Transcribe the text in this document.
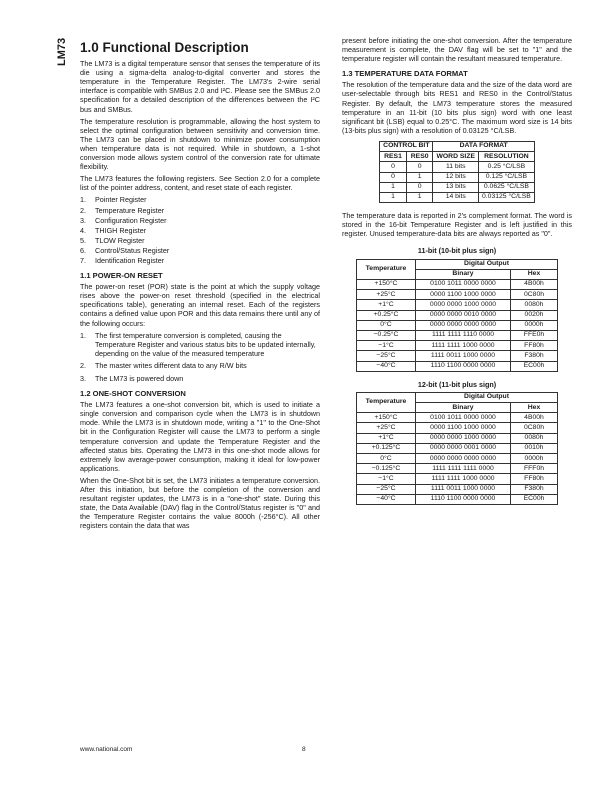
LM73 1.0 Functional Description

The LM73 is a digital temperature sensor that senses the temperature of its die using a sigma-delta analog-to-digital converter and stores the temperature in the Temperature Register. The LM73's 2-wire serial interface is compatible with SMBus 2.0 and I²C. Please see the SMBus 2.0 specification for a detailed description of the differences between the I²C bus and SMBus.

The temperature resolution is programmable, allowing the host system to select the optimal configuration between sensitivity and conversion time. The LM73 can be placed in shutdown to minimize power consumption when temperature data is not required. While in shutdown, a 1-shot conversion mode allows system control of the conversion rate for ultimate flexibility.

The LM73 features the following registers. See Section 2.0 for a complete list of the pointer address, content, and reset state of each register.

1.	Pointer Register
2.	Temperature Register
3.	Configuration Register
4.	THIGH Register
5.	TLOW Register
6.	Control/Status Register
7.	Identification Register
1.1 POWER-ON RESET

The power-on reset (POR) state is the point at which the supply voltage rises above the power-on reset threshold (specified in the electrical specifications table), generating an internal reset. Each of the registers contains a defined value upon POR and this data remains there until any of the following occurs:

1.	The first temperature conversion is completed, causing the Temperature Register and various status bits to be updated internally, depending on the value of the measured temperature
2.	The master writes different data to any R/W bits
3.	The LM73 is powered down
1.2 ONE-SHOT CONVERSION

The LM73 features a one-shot conversion bit, which is used to initiate a single conversion and comparison cycle when the LM73 is in shutdown mode. While the LM73 is in shutdown mode, writing a "1" to the One-Shot bit in the Configuration Register will cause the LM73 to perform a single temperature conversion and update the Temperature Register and the affected status bits. Operating the LM73 in this one-shot mode allows for extremely low average-power consumption, making it ideal for low-power applications.

When the One-Shot bit is set, the LM73 initiates a temperature conversion. After this initiation, but before the completion of the conversion and resultant register updates, the LM73 is in a "one-shot" state. During this state, the Data Available (DAV) flag in the Control/Status register is "0" and the Temperature Register contains the value 8000h (-256°C). All other registers contain the data that was

present before initiating the one-shot conversion. After the temperature measurement is complete, the DAV flag will be set to "1" and the temperature register will contain the resultant measured temperature.

1.3 TEMPERATURE DATA FORMAT

The resolution of the temperature data and the size of the data word are user-selectable through bits RES1 and RES0 in the Control/Status Register. By default, the LM73 temperature stores the measured temperature in an 11-bit (10 bits plus sign) word with one least significant bit (LSB) equal to 0.25°C. The maximum word size is 14 bits (13-bits plus sign) with a resolution of 0.03125 °C/LSB.

CONTROL BIT		DATA FORMAT	
RES1	RES0	WORD SIZE	RESOLUTION
0	0	11 bits	0.25 °C/LSB
0	1	12 bits	0.125 °C/LSB
1	0	13 bits	0.0625 °C/LSB
1	1	14 bits	0.03125 °C/LSB

The temperature data is reported in 2's complement format. The word is stored in the 16-bit Temperature Register and is left justified in this register. Unused temperature-data bits are always reported as "0".

11-bit (10-bit plus sign)
Temperature	Digital Output	
	Binary	Hex
+150°C	0100 1011 0000 0000	4B00h
+25°C	0000 1100 1000 0000	0C80h
+1°C	0000 0000 1000 0000	0080h
+0.25°C	0000 0000 0010 0000	0020h
0°C	0000 0000 0000 0000	0000h
−0.25°C	1111 1111 1110 0000	FFE0h
−1°C	1111 1111 1000 0000	FF80h
−25°C	1111 0011 1000 0000	F380h
−40°C	1110 1100 0000 0000	EC00h
12-bit (11-bit plus sign)
Temperature	Digital Output	
	Binary	Hex
+150°C	0100 1011 0000 0000	4B00h
+25°C	0000 1100 1000 0000	0C80h
+1°C	0000 0000 1000 0000	0080h
+0.125°C	0000 0000 0001 0000	0010h
0°C	0000 0000 0000 0000	0000h
−0.125°C	1111 1111 1111 0000	FFF0h
−1°C	1111 1111 1000 0000	FF80h
−25°C	1111 0011 1000 0000	F380h
−40°C	1110 1100 0000 0000	EC00h
www.national.com	8
